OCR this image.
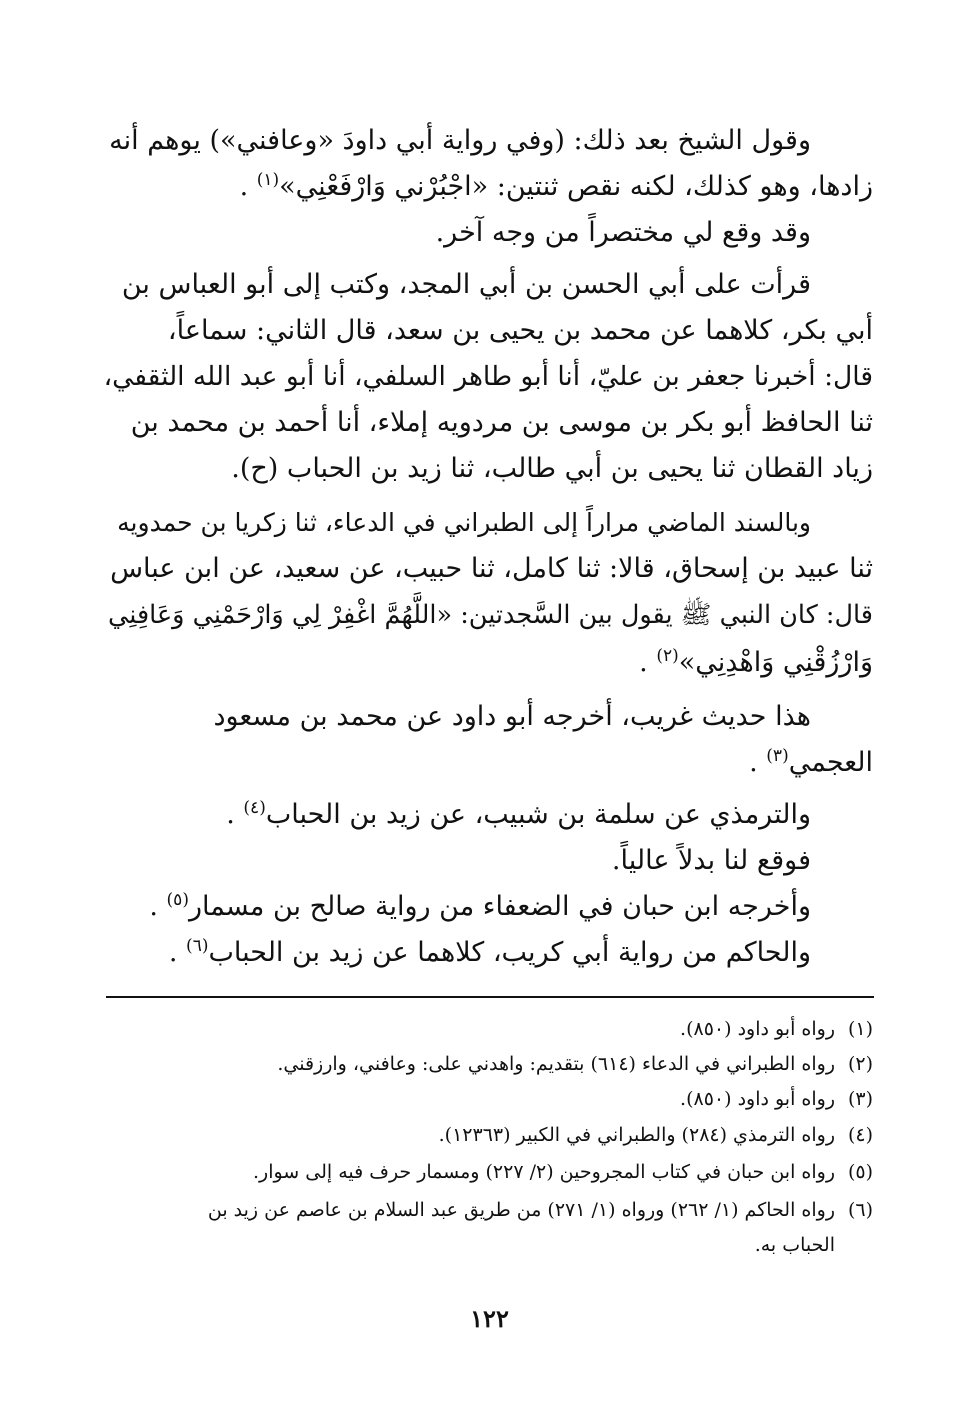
وقول الشيخ بعد ذلك: (وفي رواية أبي داودَ «وعافني») يوهم أنه
زادها، وهو كذلك، لكنه نقص ثنتين: «اجْبُرْني وَارْفَعْنِي»$^{(١)}$ .
وقد وقع لي مختصراً من وجه آخر.
قرأت على أبي الحسن بن أبي المجد، وكتب إلى أبو العباس بن
أبي بكر، كلاهما عن محمد بن يحيى بن سعد، قال الثاني: سماعاً،
قال: أخبرنا جعفر بن عليّ، أنا أبو طاهر السلفي، أنا أبو عبد الله الثقفي،
ثنا الحافظ أبو بكر بن موسى بن مردويه إملاء، أنا أحمد بن محمد بن
زياد القطان ثنا يحيى بن أبي طالب، ثنا زيد بن الحباب (ح).
وبالسند الماضي مراراً إلى الطبراني في الدعاء، ثنا زكريا بن حمدويه
ثنا عبيد بن إسحاق، قالا: ثنا كامل، ثنا حبيب، عن سعيد، عن ابن عباس
قال: كان النبي ﷺ يقول بين السَّجدتين: «اللَّهُمَّ اغْفِرْ لِي وَارْحَمْنِي وَعَافِنِي
وَارْزُقْنِي وَاهْدِنِي»$^{(٢)}$ .
هذا حديث غريب، أخرجه أبو داود عن محمد بن مسعود
العجمي$^{(٣)}$ .
والترمذي عن سلمة بن شبيب، عن زيد بن الحباب$^{(٤)}$ .
فوقع لنا بدلاً عالياً.
وأخرجه ابن حبان في الضعفاء من رواية صالح بن مسمار$^{(٥)}$ .
والحاكم من رواية أبي كريب، كلاهما عن زيد بن الحباب$^{(٦)}$ .
(١)رواه أبو داود (٨٥٠).
(٢)رواه الطبراني في الدعاء (٦١٤) بتقديم: واهدني على: وعافني، وارزقني.
(٣)رواه أبو داود (٨٥٠).
(٤)رواه الترمذي (٢٨٤) والطبراني في الكبير (١٢٣٦٣).
(٥)رواه ابن حبان في كتاب المجروحين (٢/ ٢٢٧) ومسمار حرف فيه إلى سوار.
(٦)رواه الحاكم (١/ ٢٦٢) ورواه (١/ ٢٧١) من طريق عبد السلام بن عاصم عن زيد بن
الحباب به.
١٢٢
